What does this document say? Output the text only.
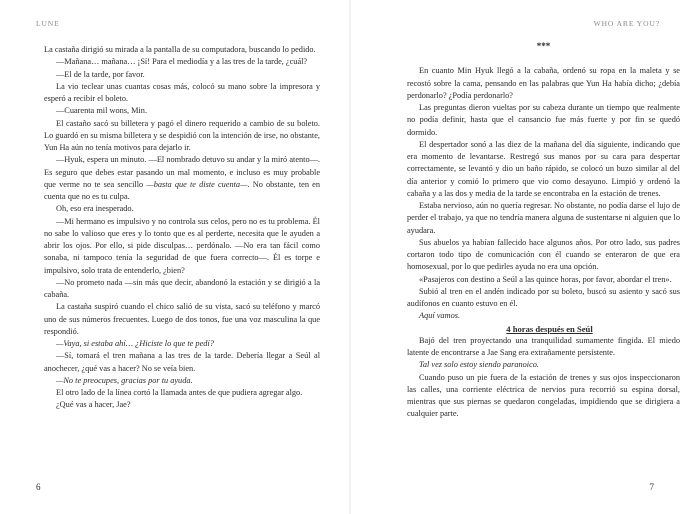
LUNE

La castaña dirigió su mirada a la pantalla de su computadora, buscando lo pedido.

—Mañana… mañana… ¡Sí! Para el mediodía y a las tres de la tarde, ¿cuál?

—El de la tarde, por favor.

La vio teclear unas cuantas cosas más, colocó su mano sobre la impresora y esperó a recibir el boleto.

—Cuarenta mil wons, Min.

El castaño sacó su billetera y pagó el dinero requerido a cambio de su boleto. Lo guardó en su misma billetera y se despidió con la intención de irse, no obstante, Yun Ha aún no tenía motivos para dejarlo ir.

—Hyuk, espera un minuto. —El nombrado detuvo su andar y la miró atento—. Es seguro que debes estar pasando un mal momento, e incluso es muy probable que verme no te sea sencillo —basta que te diste cuenta—. No obstante, ten en cuenta que no es tu culpa.

Oh, eso era inesperado.

—Mi hermano es impulsivo y no controla sus celos, pero no es tu problema. Él no sabe lo valioso que eres y lo tonto que es al perderte, necesita que le ayuden a abrir los ojos. Por ello, si pide disculpas… perdónalo. —No era tan fácil como sonaba, ni tampoco tenía la seguridad de que fuera correcto—. Él es torpe e impulsivo, solo trata de entenderlo, ¿bien?

—No prometo nada —sin más que decir, abandonó la estación y se dirigió a la cabaña.

La castaña suspiró cuando el chico salió de su vista, sacó su teléfono y marcó uno de sus números frecuentes. Luego de dos tonos, fue una voz masculina la que respondió.

—Vaya, si estaba ahí… ¿Hiciste lo que te pedí?

—Sí, tomará el tren mañana a las tres de la tarde. Debería llegar a Seúl al anochecer, ¿qué vas a hacer? No se veía bien.

—No te preocupes, gracias por tu ayuda.

El otro lado de la línea cortó la llamada antes de que pudiera agregar algo.

¿Qué vas a hacer, Jae?

6
WHO ARE YOU?
***

En cuanto Min Hyuk llegó a la cabaña, ordenó su ropa en la maleta y se recostó sobre la cama, pensando en las palabras que Yun Ha había dicho; ¿debía perdonarlo? ¿Podía perdonarlo?

Las preguntas dieron vueltas por su cabeza durante un tiempo que realmente no podía definir, hasta que el cansancio fue más fuerte y por fin se quedó dormido.

El despertador sonó a las diez de la mañana del día siguiente, indicando que era momento de levantarse. Restregó sus manos por su cara para despertar correctamente, se levantó y dio un baño rápido, se colocó un buzo similar al del día anterior y comió lo primero que vio como desayuno. Limpió y ordenó la cabaña y a las dos y media de la tarde se encontraba en la estación de trenes.

Estaba nervioso, aún no quería regresar. No obstante, no podía darse el lujo de perder el trabajo, ya que no tendría manera alguna de sustentarse ni alguien que lo ayudara.

Sus abuelos ya habían fallecido hace algunos años. Por otro lado, sus padres cortaron todo tipo de comunicación con él cuando se enteraron de que era homosexual, por lo que pedirles ayuda no era una opción.

«Pasajeros con destino a Seúl a las quince horas, por favor, abordar el tren».

Subió al tren en el andén indicado por su boleto, buscó su asiento y sacó sus audífonos en cuanto estuvo en él.

Aquí vamos.

4 horas después en Seúl

Bajó del tren proyectando una tranquilidad sumamente fingida. El miedo latente de encontrarse a Jae Sang era extrañamente persistente.

Tal vez solo estoy siendo paranoico.

Cuando puso un pie fuera de la estación de trenes y sus ojos inspeccionaron las calles, una corriente eléctrica de nervios pura recorrió su espina dorsal, mientras que sus piernas se quedaron congeladas, impidiendo que se dirigiera a cualquier parte.

7
